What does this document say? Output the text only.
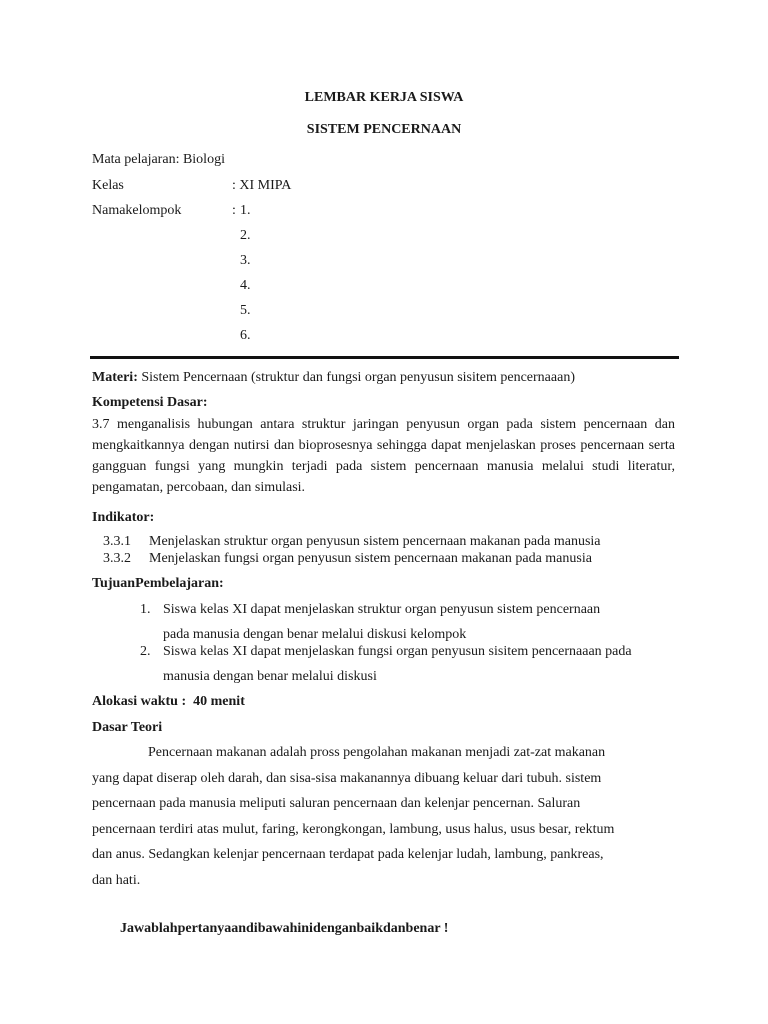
LEMBAR KERJA SISWA
SISTEM PENCERNAAN
Mata pelajaran: Biologi
Kelas	: XI MIPA
Namakelompok	: 1.
2.
3.
4.
5.
6.
Materi: Sistem Pencernaan (struktur dan fungsi organ penyusun sisitem pencernaaan)
Kompetensi Dasar:
3.7 menganalisis hubungan antara struktur jaringan penyusun organ pada sistem pencernaan dan mengkaitkannya dengan nutirsi dan bioprosesnya sehingga dapat menjelaskan proses pencernaan serta gangguan fungsi yang mungkin terjadi pada sistem pencernaan manusia melalui studi literatur, pengamatan, percobaan, dan simulasi.
Indikator:
3.3.1 Menjelaskan struktur organ penyusun sistem pencernaan makanan pada manusia
3.3.2 Menjelaskan fungsi organ penyusun sistem pencernaan makanan pada manusia
TujuanPembelajaran:
1. Siswa kelas XI dapat menjelaskan struktur organ penyusun sistem pencernaan
pada manusia dengan benar melalui diskusi kelompok
2. Siswa kelas XI dapat menjelaskan fungsi organ penyusun sisitem pencernaaan pada
manusia dengan benar melalui diskusi
Alokasi waktu : 40 menit
Dasar Teori

Pencernaan makanan adalah pross pengolahan makanan menjadi zat-zat makanan

yang dapat diserap oleh darah, dan sisa-sisa makanannya dibuang keluar dari tubuh. sistem

pencernaan pada manusia meliputi saluran pencernaan dan kelenjar pencernan. Saluran

pencernaan terdiri atas mulut, faring, kerongkongan, lambung, usus halus, usus besar, rektum

dan anus. Sedangkan kelenjar pencernaan terdapat pada kelenjar ludah, lambung, pankreas,

dan hati.

Jawablahpertanyaandibawahinidenganbaikdanbenar !
